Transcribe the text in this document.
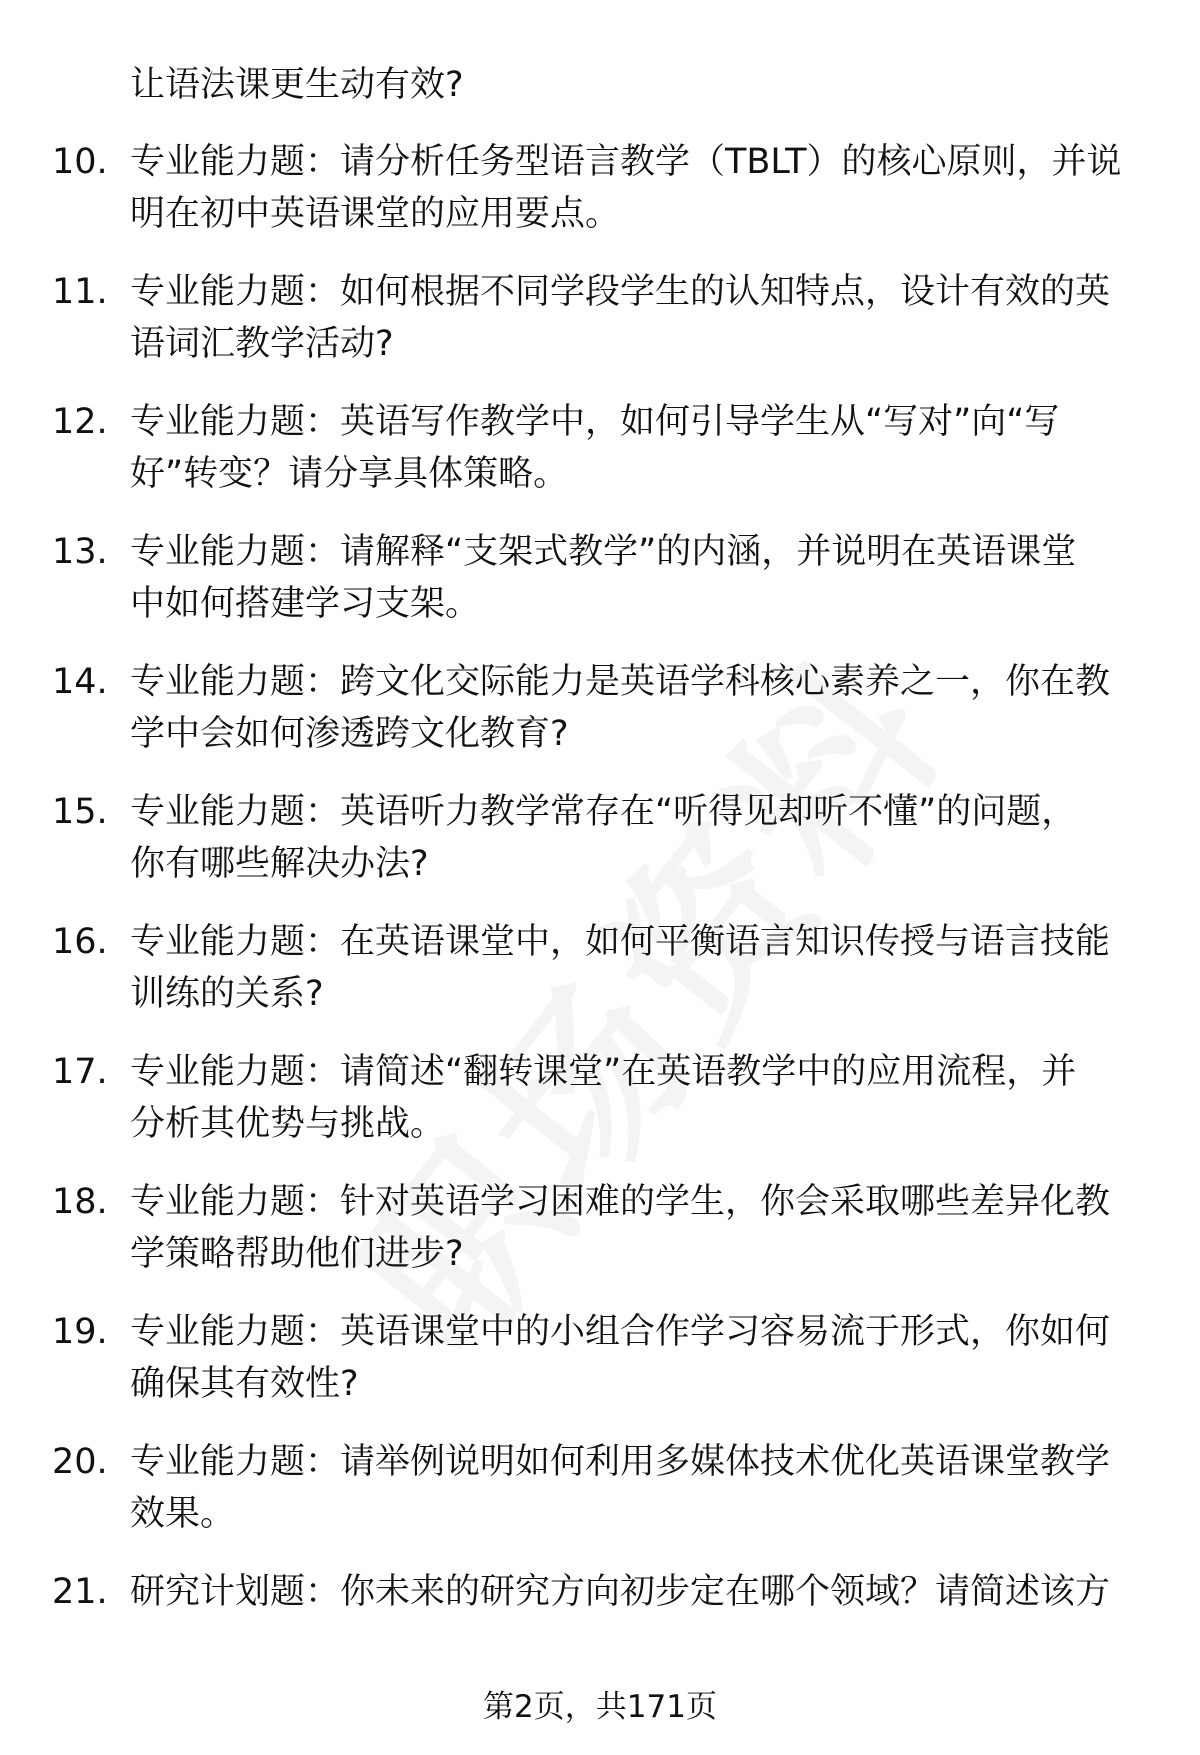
让语法课更生动有效?
10. 专业能力题：请分析任务型语言教学（TBLT）的核心原则，并说
明在初中英语课堂的应用要点。
11. 专业能力题：如何根据不同学段学生的认知特点，设计有效的英
语词汇教学活动?
12. 专业能力题：英语写作教学中，如何引导学生从“写对”向“写
好”转变？请分享具体策略。
13. 专业能力题：请解释“支架式教学”的内涵，并说明在英语课堂
中如何搭建学习支架。
14. 专业能力题：跨文化交际能力是英语学科核心素养之一，你在教
学中会如何渗透跨文化教育?
15. 专业能力题：英语听力教学常存在“听得见却听不懂”的问题，
你有哪些解决办法?
16. 专业能力题：在英语课堂中，如何平衡语言知识传授与语言技能
训练的关系?
17. 专业能力题：请简述“翻转课堂”在英语教学中的应用流程，并
分析其优势与挑战。
18. 专业能力题：针对英语学习困难的学生，你会采取哪些差异化教
学策略帮助他们进步?
19. 专业能力题：英语课堂中的小组合作学习容易流于形式，你如何
确保其有效性?
20. 专业能力题：请举例说明如何利用多媒体技术优化英语课堂教学
效果。
21. 研究计划题：你未来的研究方向初步定在哪个领域？请简述该方
第2页，共171页
